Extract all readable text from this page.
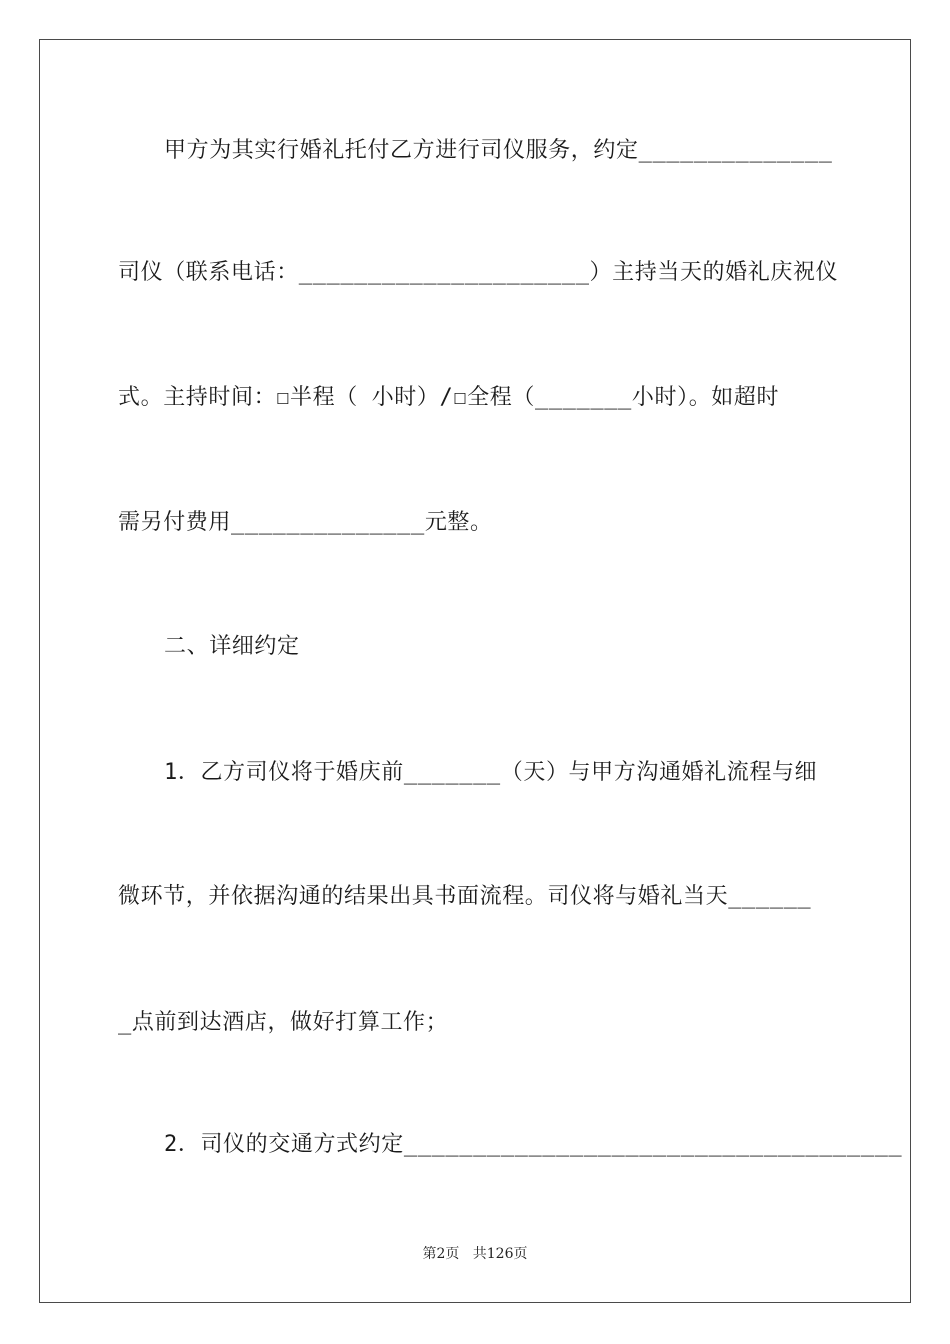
甲方为其实行婚礼托付乙方进行司仪服务，约定______________
司仪（联系电话：_____________________）主持当天的婚礼庆祝仪
式。主持时间：☐半程（ 小时）/☐全程（_______小时）。如超时
需另付费用______________元整。
二、详细约定
1．乙方司仪将于婚庆前_______（天）与甲方沟通婚礼流程与细
微环节，并依据沟通的结果出具书面流程。司仪将与婚礼当天______
_点前到达酒店，做好打算工作；
2．司仪的交通方式约定____________________________________
第2页 共126页
